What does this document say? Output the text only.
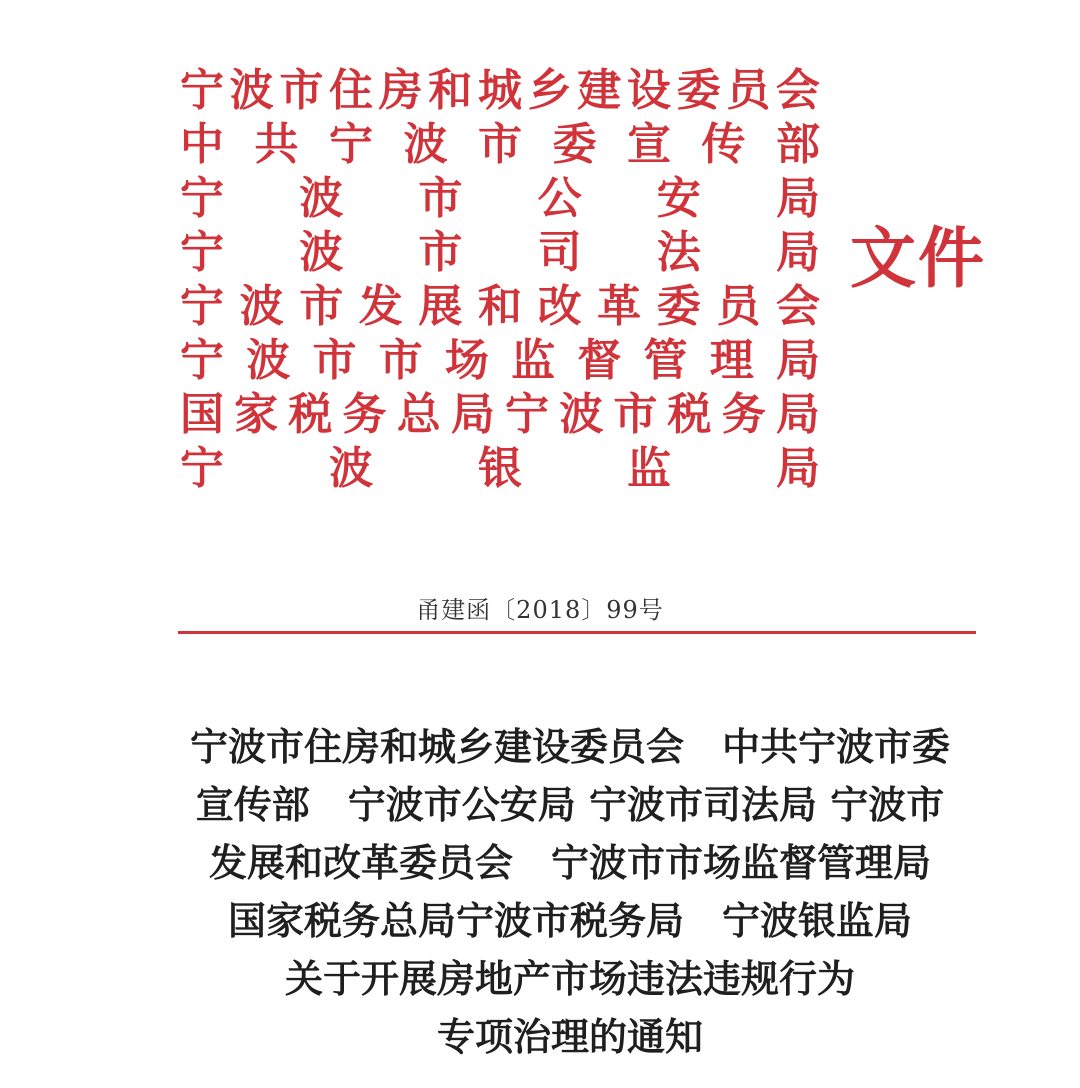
宁 波 市 住 房 和 城 乡 建 设 委 员 会
中 共 宁 波 市 委 宣 传 部
宁 波 市 公 安 局
宁 波 市 司 法 局
宁 波 市 发 展 和 改 革 委 员 会
宁 波 市 市 场 监 督 管 理 局
国 家 税 务 总 局 宁 波 市 税 务 局
宁 波 银 监 局
文件
甬建函〔2018〕99号
宁波市住房和城乡建设委员会　中共宁波市委
宣传部　宁波市公安局 宁波市司法局 宁波市
发展和改革委员会　宁波市市场监督管理局
国家税务总局宁波市税务局　宁波银监局
关于开展房地产市场违法违规行为
专项治理的通知
